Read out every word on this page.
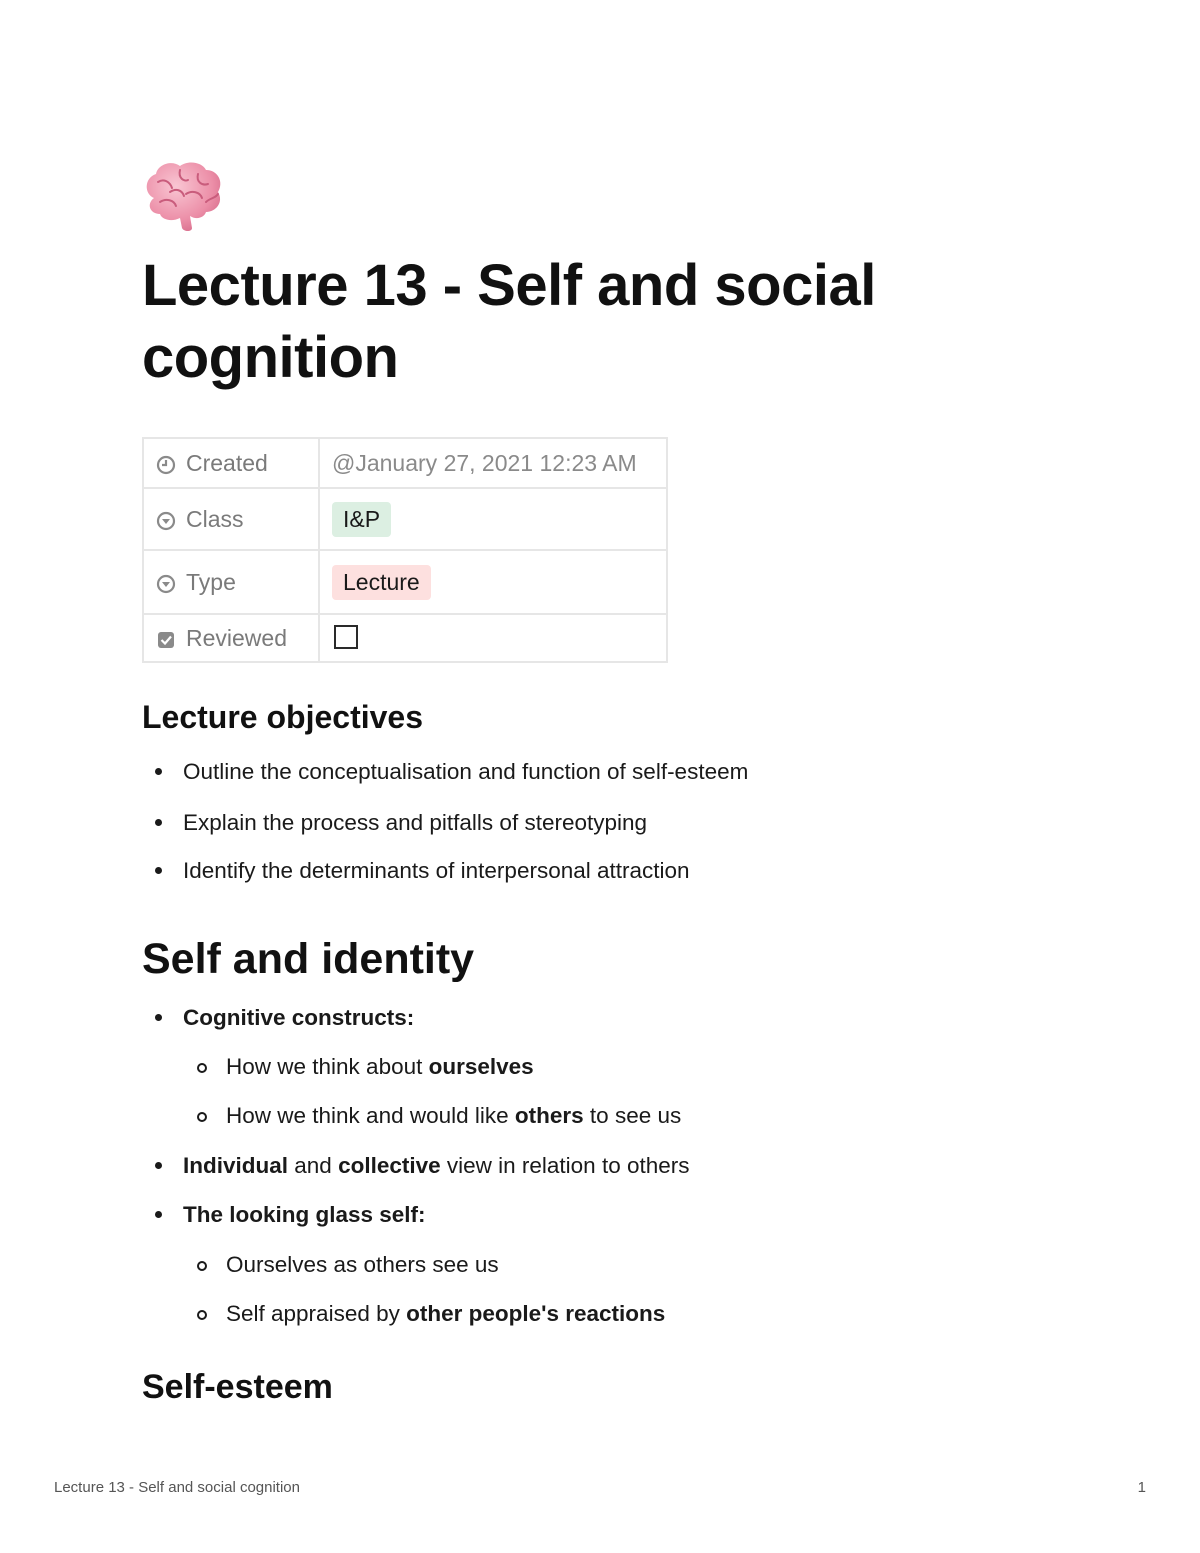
Lecture 13 - Self and social cognition
Created	@January 27, 2021 12:23 AM
Class	I&P
Type	Lecture
Reviewed	
Lecture objectives
Outline the conceptualisation and function of self-esteem
Explain the process and pitfalls of stereotyping
Identify the determinants of interpersonal attraction
Self and identity
Cognitive constructs:
How we think about ourselves
How we think and would like others to see us
Individual and collective view in relation to others
The looking glass self:
Ourselves as others see us
Self appraised by other people's reactions
Self-esteem
Lecture 13 - Self and social cognition	1
